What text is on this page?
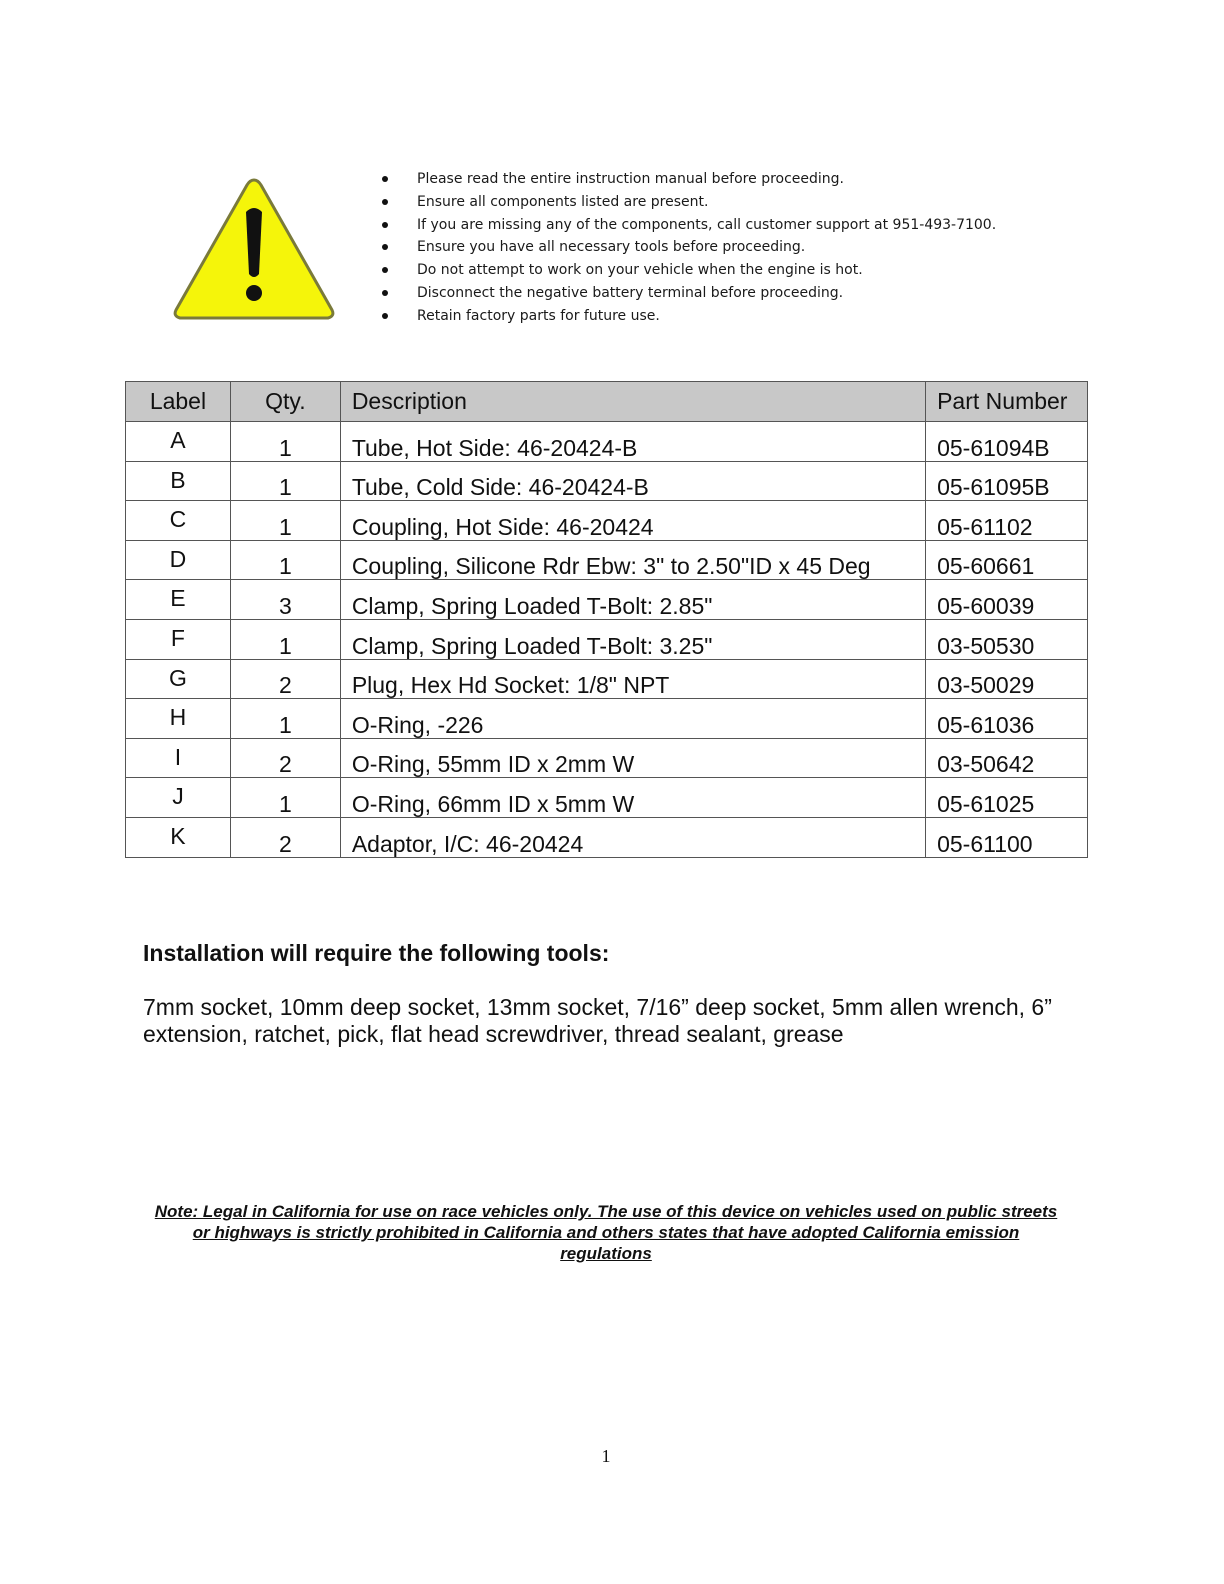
Please read the entire instruction manual before proceeding.
Ensure all components listed are present.
If you are missing any of the components, call customer support at 951-493-7100.
Ensure you have all necessary tools before proceeding.
Do not attempt to work on your vehicle when the engine is hot.
Disconnect the negative battery terminal before proceeding.
Retain factory parts for future use.
Label	Qty.	Description	Part Number
A	1	Tube, Hot Side: 46-20424-B	05-61094B
B	1	Tube, Cold Side: 46-20424-B	05-61095B
C	1	Coupling, Hot Side: 46-20424	05-61102
D	1	Coupling, Silicone Rdr Ebw: 3" to 2.50"ID x 45 Deg	05-60661
E	3	Clamp, Spring Loaded T-Bolt: 2.85"	05-60039
F	1	Clamp, Spring Loaded T-Bolt: 3.25"	03-50530
G	2	Plug, Hex Hd Socket: 1/8" NPT	03-50029
H	1	O-Ring, -226	05-61036
I	2	O-Ring, 55mm ID x 2mm W	03-50642
J	1	O-Ring, 66mm ID x 5mm W	05-61025
K	2	Adaptor, I/C: 46-20424	05-61100
Installation will require the following tools:

7mm socket, 10mm deep socket, 13mm socket, 7/16” deep socket, 5mm allen wrench, 6” extension, ratchet, pick, flat head screwdriver, thread sealant, grease

Note: Legal in California for use on race vehicles only. The use of this device on vehicles used on public streets or highways is strictly prohibited in California and others states that have adopted California emission regulations

1
